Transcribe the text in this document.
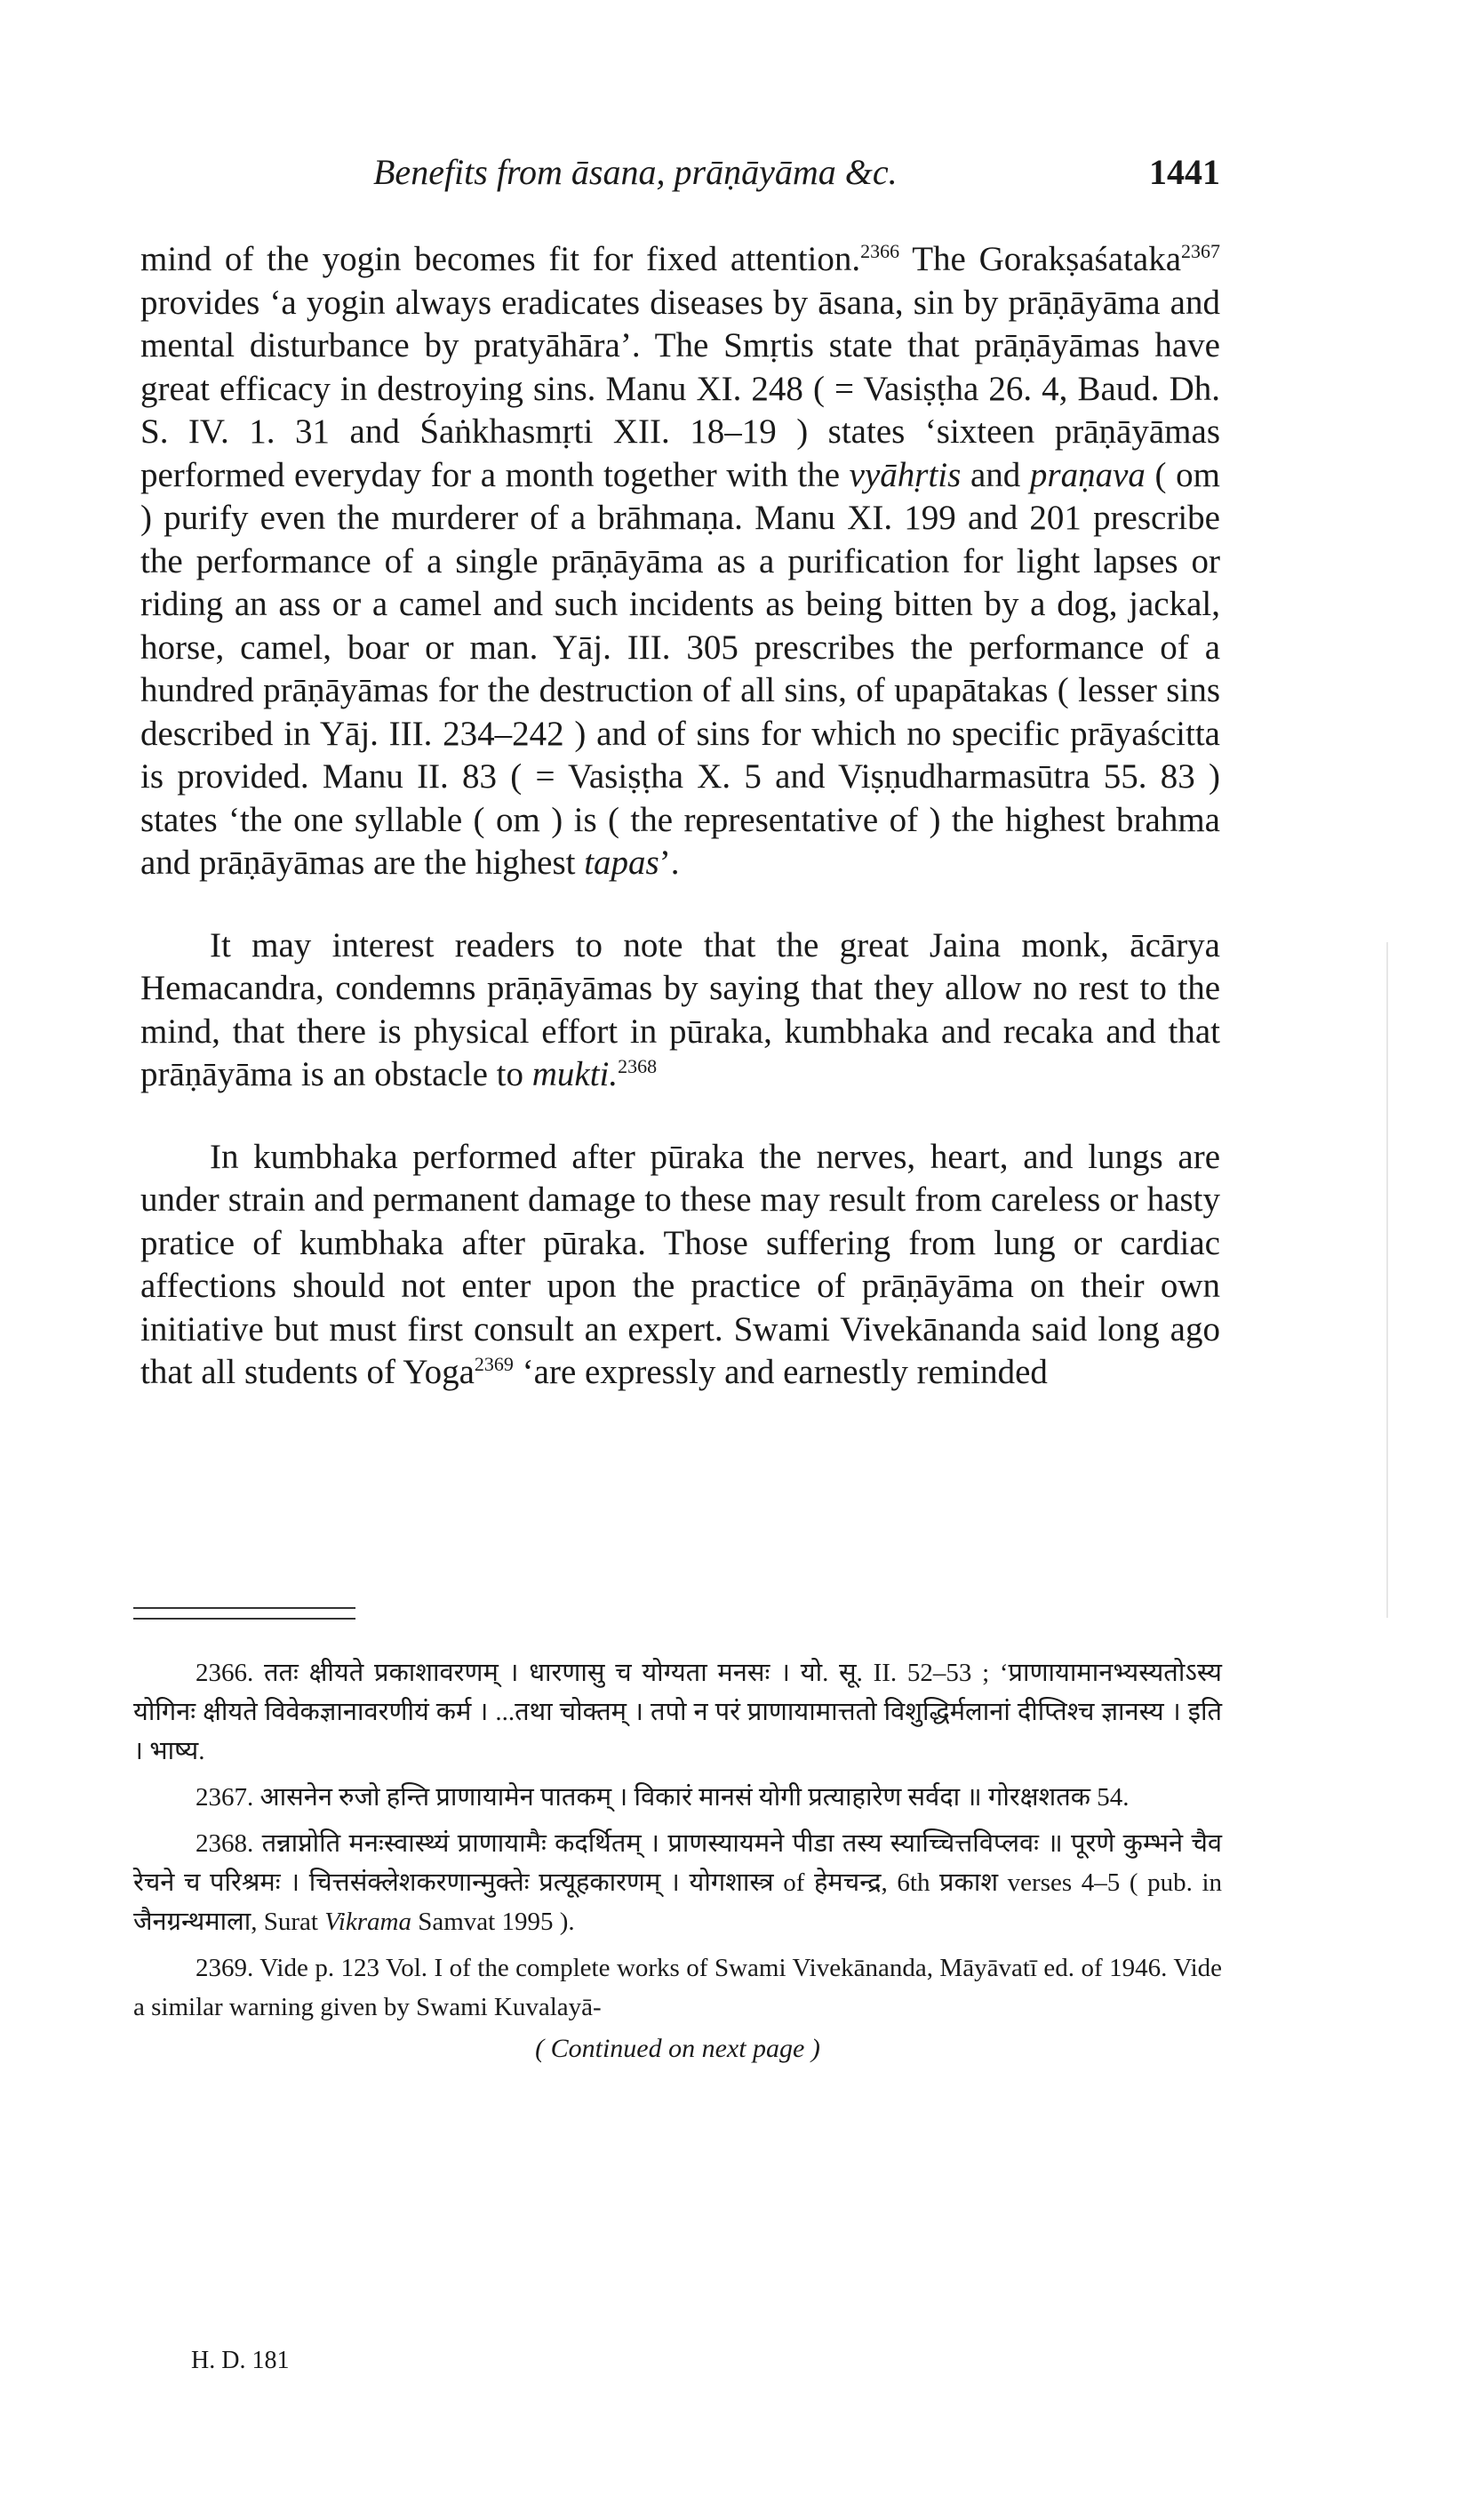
Benefits from āsana, prāṇāyāma &c.	1441

mind of the yogin becomes fit for fixed attention.$^{2366}$ The Gorakṣaśataka$^{2367}$ provides ‘a yogin always eradicates diseases by āsana, sin by prāṇāyāma and mental disturbance by pratyāhāra’. The Smṛtis state that prāṇāyāmas have great efficacy in destroying sins. Manu XI. 248 ( = Vasiṣṭha 26. 4, Baud. Dh. S. IV. 1. 31 and Śaṅkhasmṛti XII. 18–19 ) states ‘sixteen prāṇāyāmas performed everyday for a month together with the vyāhṛtis and praṇava ( om ) purify even the murderer of a brāhmaṇa. Manu XI. 199 and 201 prescribe the performance of a single prāṇāyāma as a purification for light lapses or riding an ass or a camel and such incidents as being bitten by a dog, jackal, horse, camel, boar or man. Yāj. III. 305 prescribes the performance of a hundred prāṇāyāmas for the destruction of all sins, of upapātakas ( lesser sins described in Yāj. III. 234–242 ) and of sins for which no specific prāyaścitta is provided. Manu II. 83 ( = Vasiṣṭha X. 5 and Viṣṇudharmasūtra 55. 83 ) states ‘the one syllable ( om ) is ( the representative of ) the highest brahma and prāṇāyāmas are the highest tapas’.

It may interest readers to note that the great Jaina monk, ācārya Hemacandra, condemns prāṇāyāmas by saying that they allow no rest to the mind, that there is physical effort in pūraka, kumbhaka and recaka and that prāṇāyāma is an obstacle to mukti.$^{2368}$

In kumbhaka performed after pūraka the nerves, heart, and lungs are under strain and permanent damage to these may result from careless or hasty pratice of kumbhaka after pūraka. Those suffering from lung or cardiac affections should not enter upon the practice of prāṇāyāma on their own initiative but must first consult an expert. Swami Vivekānanda said long ago that all students of Yoga$^{2369}$ ‘are expressly and earnestly reminded

2366. ततः क्षीयते प्रकाशावरणम् । धारणासु च योग्यता मनसः । यो. सू. II. 52–53 ; ‘प्राणायामानभ्यस्यतोऽस्य योगिनः क्षीयते विवेकज्ञानावरणीयं कर्म । ...तथा चोक्तम् । तपो न परं प्राणायामात्ततो विशुद्धिर्मलानां दीप्तिश्च ज्ञानस्य । इति । भाष्य.

2367. आसनेन रुजो हन्ति प्राणायामेन पातकम् । विकारं मानसं योगी प्रत्याहारेण सर्वदा ॥ गोरक्षशतक 54.

2368. तन्नाप्नोति मनःस्वास्थ्यं प्राणायामैः कदर्थितम् । प्राणस्यायमने पीडा तस्य स्याच्चित्तविप्लवः ॥ पूरणे कुम्भने चैव रेचने च परिश्रमः । चित्तसंक्लेशकरणान्मुक्तेः प्रत्यूहकारणम् । योगशास्त्र of हेमचन्द्र, 6th प्रकाश verses 4–5 ( pub. in जैनग्रन्थमाला, Surat Vikrama Samvat 1995 ).

2369. Vide p. 123 Vol. I of the complete works of Swami Vivekānanda, Māyāvatī ed. of 1946. Vide a similar warning given by Swami Kuvalayā-

( Continued on next page )

H. D. 181
